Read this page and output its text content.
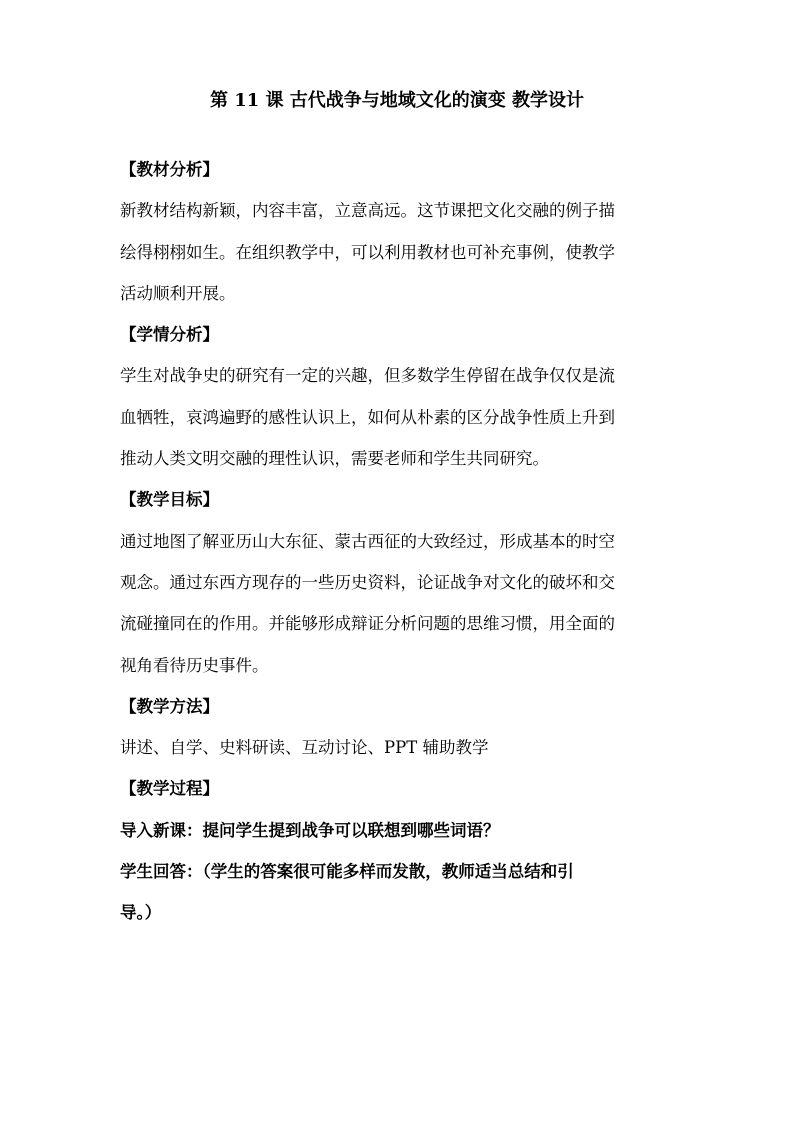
第 11 课 古代战争与地域文化的演变 教学设计
【教材分析】
新教材结构新颖，内容丰富，立意高远。这节课把文化交融的例子描
绘得栩栩如生。在组织教学中，可以利用教材也可补充事例，使教学
活动顺利开展。
【学情分析】
学生对战争史的研究有一定的兴趣，但多数学生停留在战争仅仅是流
血牺牲，哀鸿遍野的感性认识上，如何从朴素的区分战争性质上升到
推动人类文明交融的理性认识，需要老师和学生共同研究。
【教学目标】
通过地图了解亚历山大东征、蒙古西征的大致经过，形成基本的时空
观念。通过东西方现存的一些历史资料，论证战争对文化的破坏和交
流碰撞同在的作用。并能够形成辩证分析问题的思维习惯，用全面的
视角看待历史事件。
【教学方法】
讲述、自学、史料研读、互动讨论、PPT 辅助教学
【教学过程】
导入新课：提问学生提到战争可以联想到哪些词语？
学生回答：（学生的答案很可能多样而发散，教师适当总结和引
导。）
